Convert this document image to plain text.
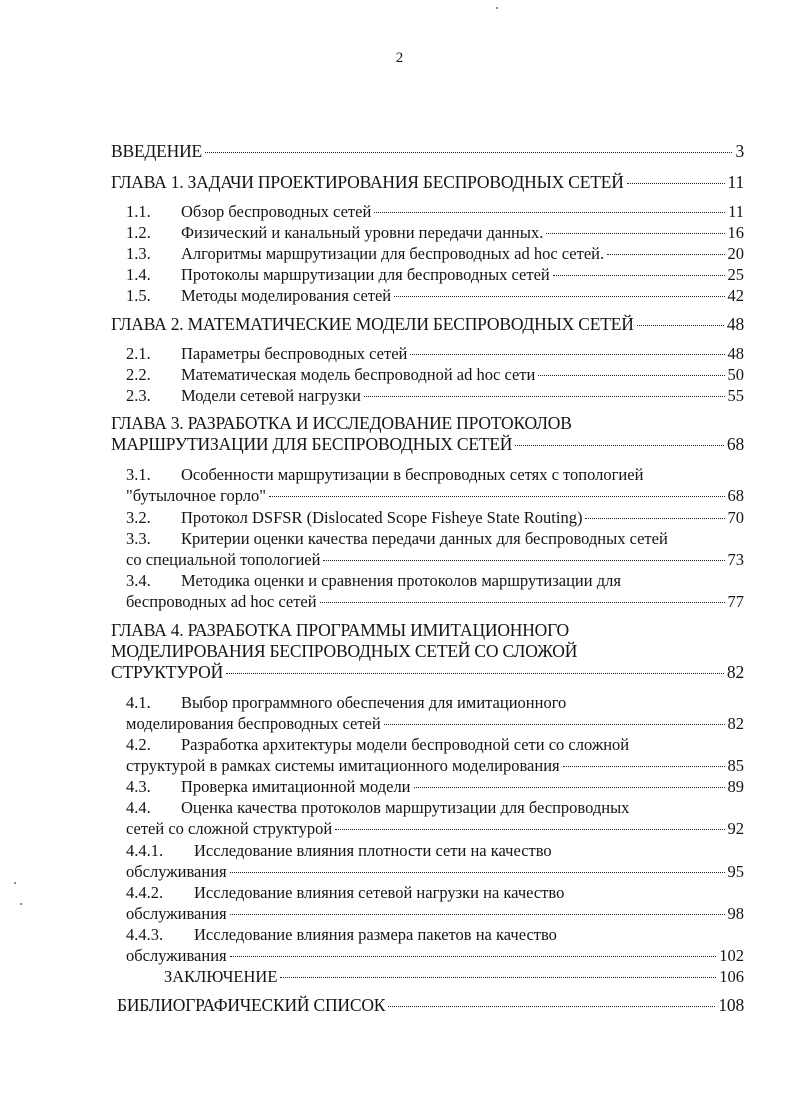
2
ВВЕДЕНИЕ	3
ГЛАВА 1. ЗАДАЧИ ПРОЕКТИРОВАНИЯ БЕСПРОВОДНЫХ СЕТЕЙ	11
1.1.	Обзор беспроводных сетей	11
1.2.	Физический и канальный уровни передачи данных.	16
1.3.	Алгоритмы маршрутизации для беспроводных ad hoc сетей.	20
1.4.	Протоколы маршрутизации для беспроводных сетей	25
1.5.	Методы моделирования сетей	42
ГЛАВА 2. МАТЕМАТИЧЕСКИЕ МОДЕЛИ БЕСПРОВОДНЫХ СЕТЕЙ	48
2.1.	Параметры беспроводных сетей	48
2.2.	Математическая модель беспроводной ad hoc сети	50
2.3.	Модели сетевой нагрузки	55
ГЛАВА 3. РАЗРАБОТКА И ИССЛЕДОВАНИЕ ПРОТОКОЛОВ
МАРШРУТИЗАЦИИ ДЛЯ БЕСПРОВОДНЫХ СЕТЕЙ	68
3.1. Особенности маршрутизации в беспроводных сетях с топологией
"бутылочное горло"	68
3.2.	Протокол DSFSR (Dislocated Scope Fisheye State Routing)	70
3.3. Критерии оценки качества передачи данных для беспроводных сетей
со специальной топологией	73
3.4. Методика оценки и сравнения протоколов маршрутизации для
беспроводных ad hoc сетей	77
ГЛАВА 4. РАЗРАБОТКА ПРОГРАММЫ ИМИТАЦИОННОГО
МОДЕЛИРОВАНИЯ БЕСПРОВОДНЫХ СЕТЕЙ СО СЛОЖОЙ
СТРУКТУРОЙ	82
4.1. Выбор программного обеспечения для имитационного
моделирования беспроводных сетей	82
4.2. Разработка архитектуры модели беспроводной сети со сложной
структурой в рамках системы имитационного моделирования	85
4.3.	Проверка имитационной модели	89
4.4. Оценка качества протоколов маршрутизации для беспроводных
сетей со сложной структурой	92
4.4.1. Исследование влияния плотности сети на качество
обслуживания	95
4.4.2. Исследование влияния сетевой нагрузки на качество
обслуживания	98
4.4.3. Исследование влияния размера пакетов на качество
обслуживания	102
ЗАКЛЮЧЕНИЕ	106
БИБЛИОГРАФИЧЕСКИЙ СПИСОК	108
